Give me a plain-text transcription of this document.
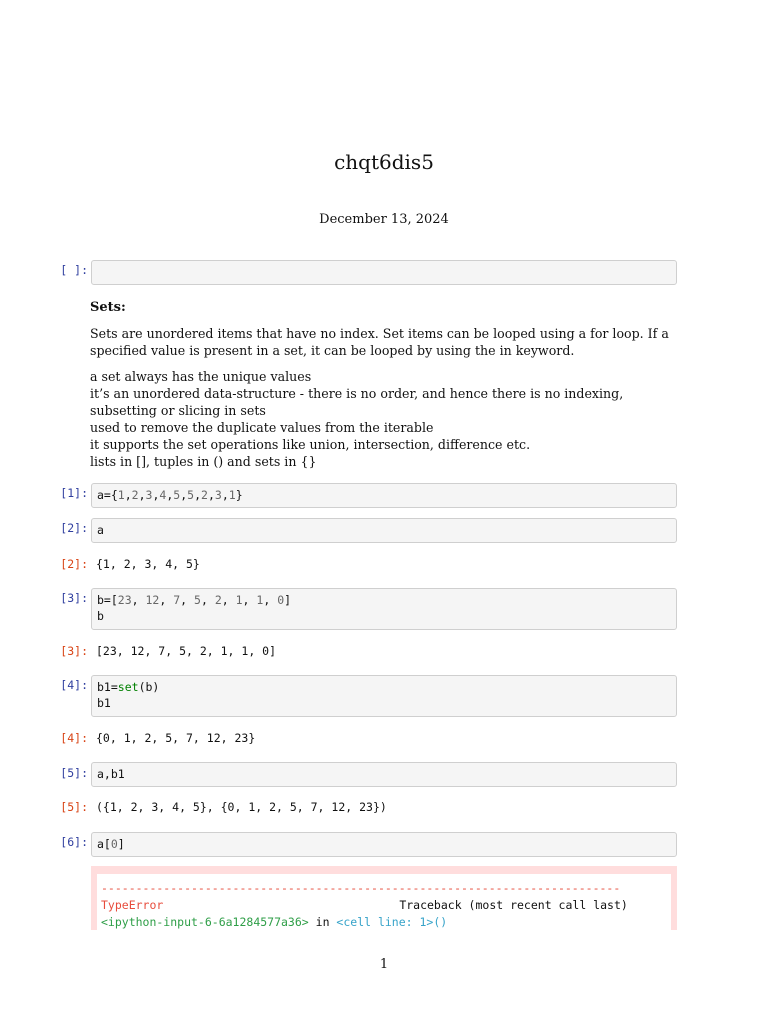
chqt6dis5
December 13, 2024
[ ]:
Sets:

Sets are unordered items that have no index. Set items can be looped using a for loop. If a specified value is present in a set, it can be looped by using the in keyword.

a set always has the unique values
it’s an unordered data-structure - there is no order, and hence there is no indexing, subsetting or slicing in sets
used to remove the duplicate values from the iterable
it supports the set operations like union, intersection, difference etc.
lists in [], tuples in () and sets in {}
[1]: a={1,2,3,4,5,5,2,3,1}
[2]: a
[2]: {1, 2, 3, 4, 5}
[3]: b=[23, 12, 7, 5, 2, 1, 1, 0]
b
[3]: [23, 12, 7, 5, 2, 1, 1, 0]
[4]: b1=set(b)
b1
[4]: {0, 1, 2, 5, 7, 12, 23}
[5]: a,b1
[5]: ({1, 2, 3, 4, 5}, {0, 1, 2, 5, 7, 12, 23})
[6]: a[0]
---------------------------------------------------------------------------
TypeError	Traceback (most recent call last)
<ipython-input-6-6a1284577a36> in <cell line: 1>()
1
